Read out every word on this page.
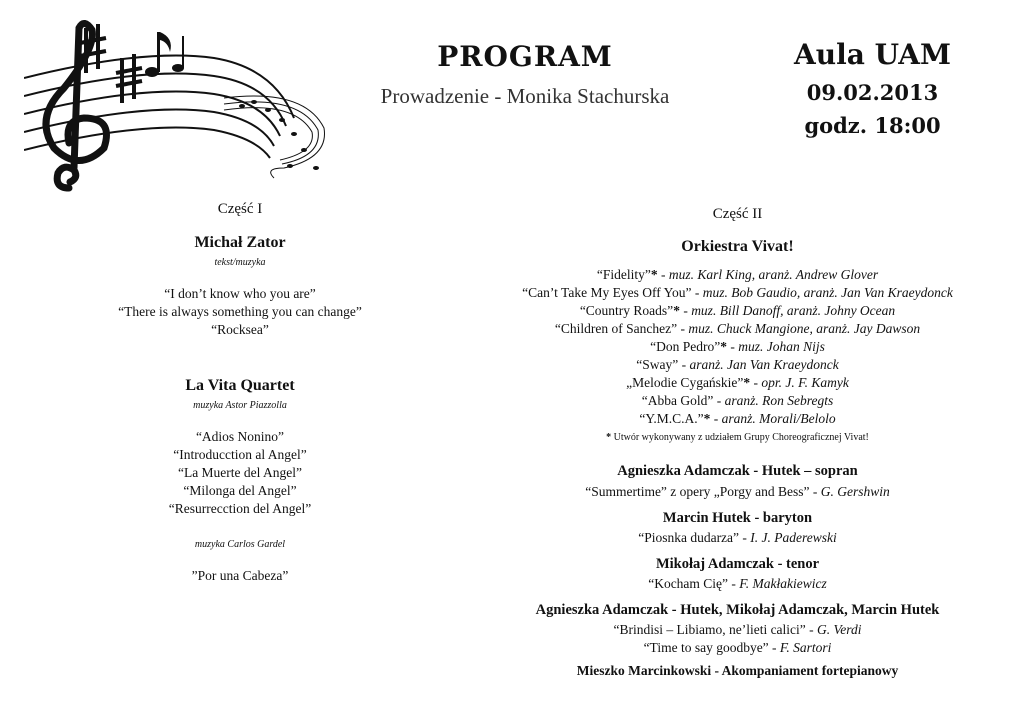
PROGRAM
Prowadzenie - Monika Stachurska
Aula UAM
09.02.2013
godz. 18:00
Część I
Michał Zator
tekst/muzyka
“I don’t know who you are”
“There is always something you can change”
“Rocksea”
La Vita Quartet
muzyka Astor Piazzolla
“Adios Nonino”
“Introducction al Angel”
“La Muerte del Angel”
“Milonga del Angel”
“Resurrecction del Angel”
muzyka Carlos Gardel
”Por una Cabeza”
Część II
Orkiestra Vivat!
“Fidelity”* - muz. Karl King, aranż. Andrew Glover
“Can’t Take My Eyes Off You” - muz. Bob Gaudio, aranż. Jan Van Kraeydonck
“Country Roads”* - muz. Bill Danoff, aranż. Johny Ocean
“Children of Sanchez” - muz. Chuck Mangione, aranż. Jay Dawson
“Don Pedro”* - muz. Johan Nijs
“Sway” - aranż. Jan Van Kraeydonck
„Melodie Cygańskie”* - opr. J. F. Kamyk
“Abba Gold” - aranż. Ron Sebregts
“Y.M.C.A.”* - aranż. Morali/Belolo
* Utwór wykonywany z udziałem Grupy Choreograficznej Vivat!
Agnieszka Adamczak - Hutek – sopran
“Summertime” z opery „Porgy and Bess” - G. Gershwin
Marcin Hutek - baryton
“Piosnka dudarza” - I. J. Paderewski
Mikołaj Adamczak - tenor
“Kocham Cię” - F. Makłakiewicz
Agnieszka Adamczak - Hutek, Mikołaj Adamczak, Marcin Hutek
“Brindisi – Libiamo, ne’lieti calici” - G. Verdi
“Time to say goodbye” - F. Sartori
Mieszko Marcinkowski - Akompaniament fortepianowy
